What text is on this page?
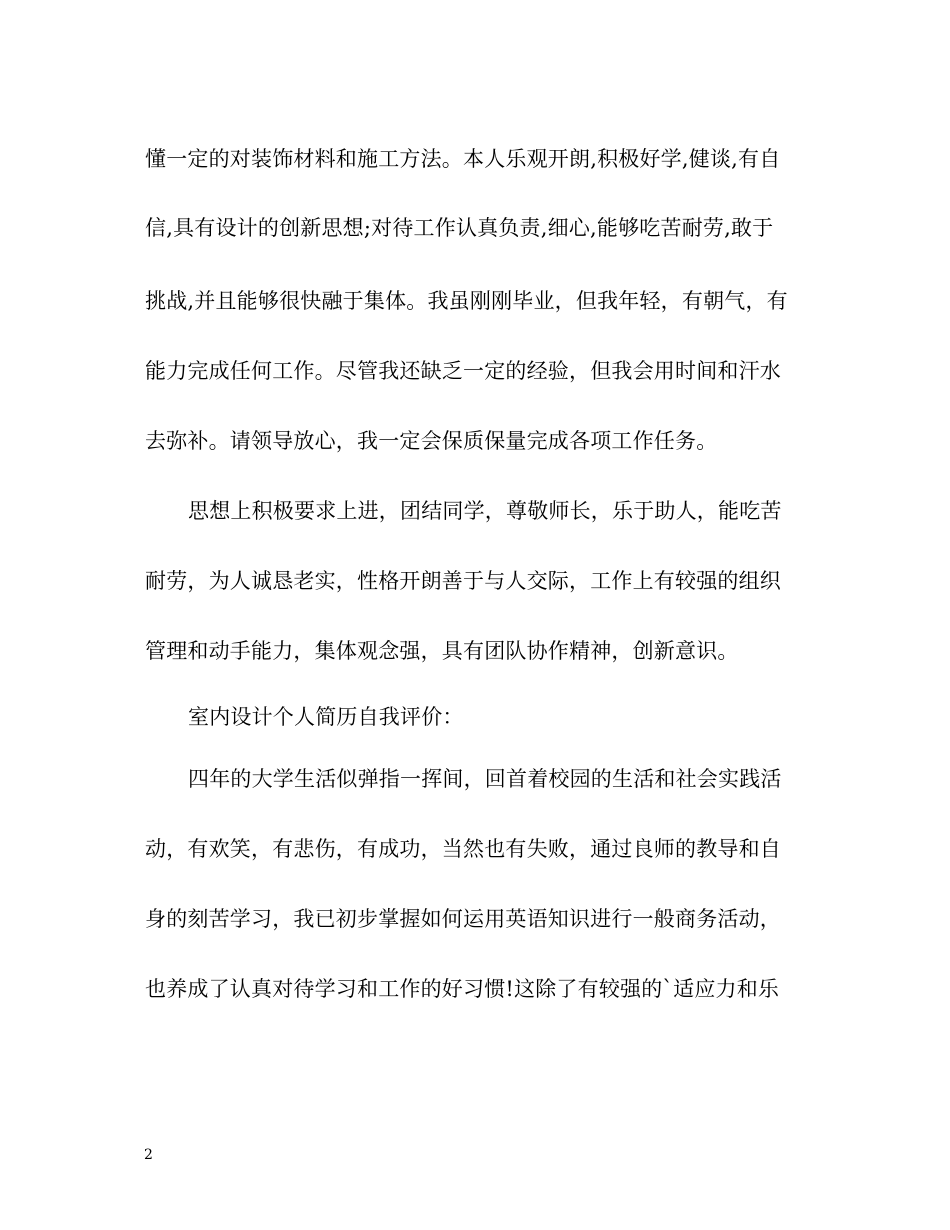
懂一定的对装饰材料和施工方法。本人乐观开朗,积极好学,健谈,有自
信,具有设计的创新思想;对待工作认真负责,细心,能够吃苦耐劳,敢于
挑战,并且能够很快融于集体。我虽刚刚毕业，但我年轻，有朝气，有
能力完成任何工作。尽管我还缺乏一定的经验，但我会用时间和汗水
去弥补。请领导放心，我一定会保质保量完成各项工作任务。
思想上积极要求上进，团结同学，尊敬师长，乐于助人，能吃苦
耐劳，为人诚恳老实，性格开朗善于与人交际，工作上有较强的组织
管理和动手能力，集体观念强，具有团队协作精神，创新意识。
室内设计个人简历自我评价：
四年的大学生活似弹指一挥间，回首着校园的生活和社会实践活
动，有欢笑，有悲伤，有成功，当然也有失败，通过良师的教导和自
身的刻苦学习，我已初步掌握如何运用英语知识进行一般商务活动，
也养成了认真对待学习和工作的好习惯!这除了有较强的`适应力和乐
2
